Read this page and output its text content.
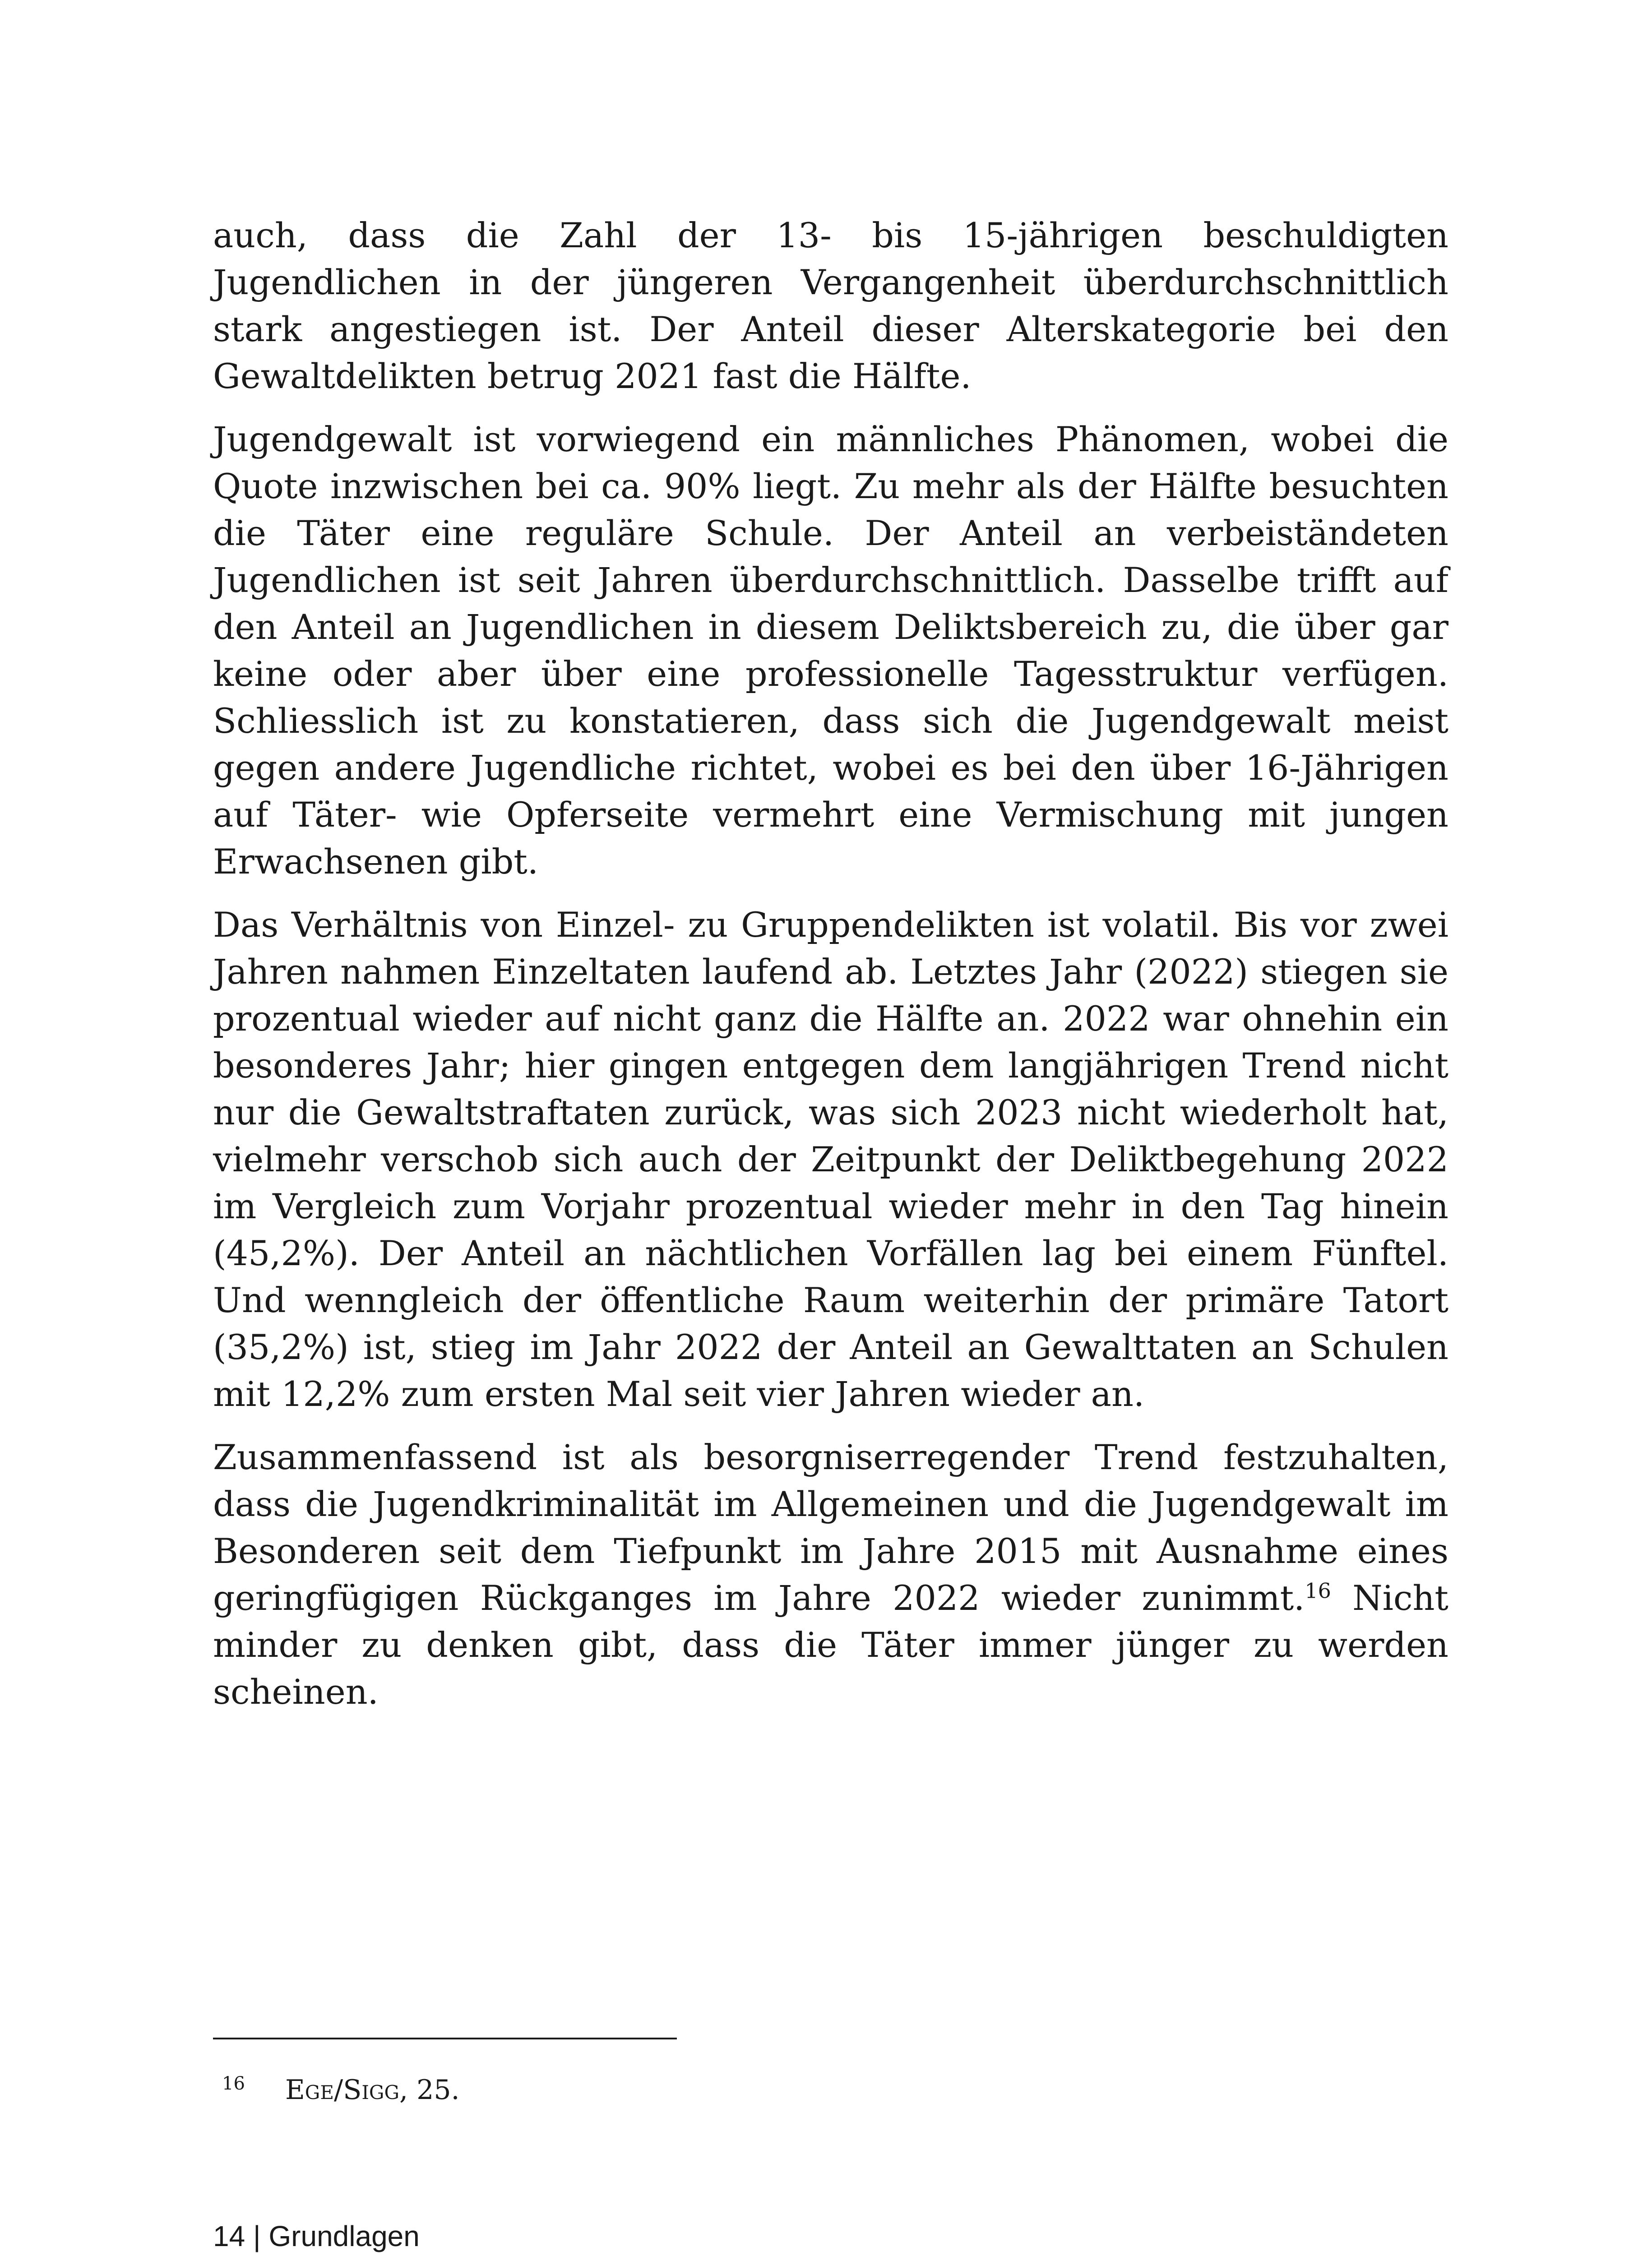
auch, dass die Zahl der 13- bis 15-jährigen beschuldigten Jugendlichen in der jüngeren Vergangenheit überdurchschnittlich stark angestiegen ist. Der Anteil dieser Alterskategorie bei den Gewaltdelikten betrug 2021 fast die Hälfte.

Jugendgewalt ist vorwiegend ein männliches Phänomen, wobei die Quote inzwischen bei ca. 90% liegt. Zu mehr als der Hälfte besuchten die Täter eine reguläre Schule. Der Anteil an verbeiständeten Jugendlichen ist seit Jahren überdurchschnittlich. Dasselbe trifft auf den Anteil an Jugendlichen in diesem Deliktsbereich zu, die über gar keine oder aber über eine professionelle Tagesstruktur verfügen. Schliesslich ist zu konstatieren, dass sich die Jugendgewalt meist gegen andere Jugendliche richtet, wobei es bei den über 16-Jährigen auf Täter- wie Opferseite vermehrt eine Vermischung mit jungen Erwachsenen gibt.

Das Verhältnis von Einzel- zu Gruppendelikten ist volatil. Bis vor zwei Jahren nahmen Einzeltaten laufend ab. Letztes Jahr (2022) stiegen sie prozentual wieder auf nicht ganz die Hälfte an. 2022 war ohnehin ein besonderes Jahr; hier gingen entgegen dem langjährigen Trend nicht nur die Gewaltstraftaten zurück, was sich 2023 nicht wiederholt hat, vielmehr verschob sich auch der Zeitpunkt der Deliktbegehung 2022 im Vergleich zum Vorjahr prozentual wieder mehr in den Tag hinein (45,2%). Der Anteil an nächtlichen Vorfällen lag bei einem Fünftel. Und wenngleich der öffentliche Raum weiterhin der primäre Tatort (35,2%) ist, stieg im Jahr 2022 der Anteil an Gewalttaten an Schulen mit 12,2% zum ersten Mal seit vier Jahren wieder an.

Zusammenfassend ist als besorgniserregender Trend festzuhalten, dass die Jugendkriminalität im Allgemeinen und die Jugendgewalt im Besonderen seit dem Tiefpunkt im Jahre 2015 mit Ausnahme eines geringfügigen Rückganges im Jahre 2022 wieder zunimmt.$^{16}$ Nicht minder zu denken gibt, dass die Täter immer jünger zu werden scheinen.

16 Ege/Sigg, 25.
14 | Grundlagen
